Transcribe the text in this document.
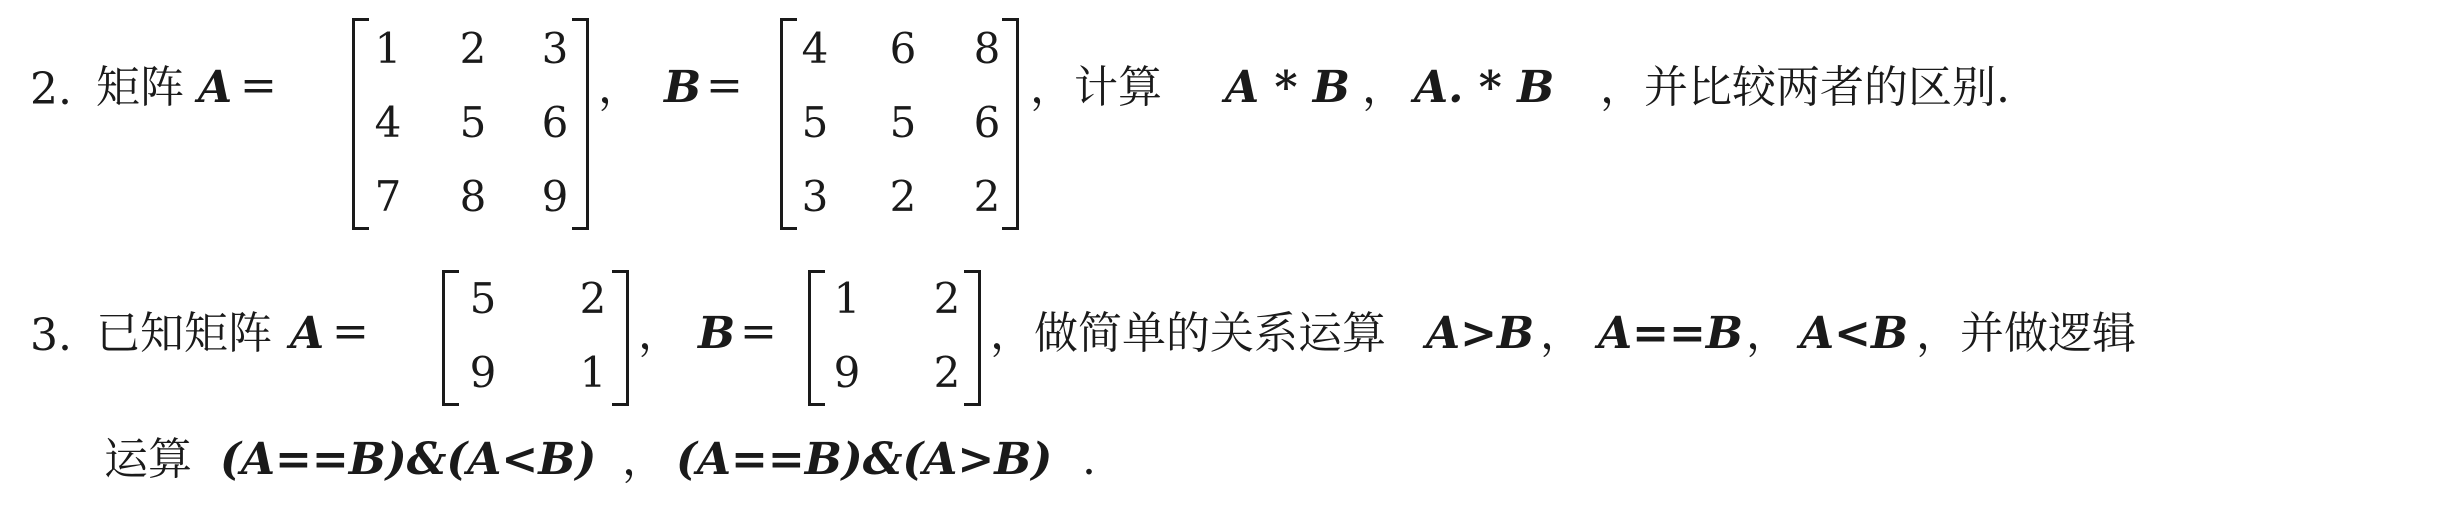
2. 矩阵 A =
1 2 3
4 5 6
7 8 9
， B =
4 6 8
5 5 6
3 2 2
，计算 A * B ， A. * B ，并比较两者的区别.
3. 已知矩阵 A =
5 2
9 1
， B =
1 2
9 2
，做简单的关系运算 A>B ， A==B ， A<B ，并做逻辑
运算 (A==B)&(A<B) ， (A==B)&(A>B) .
